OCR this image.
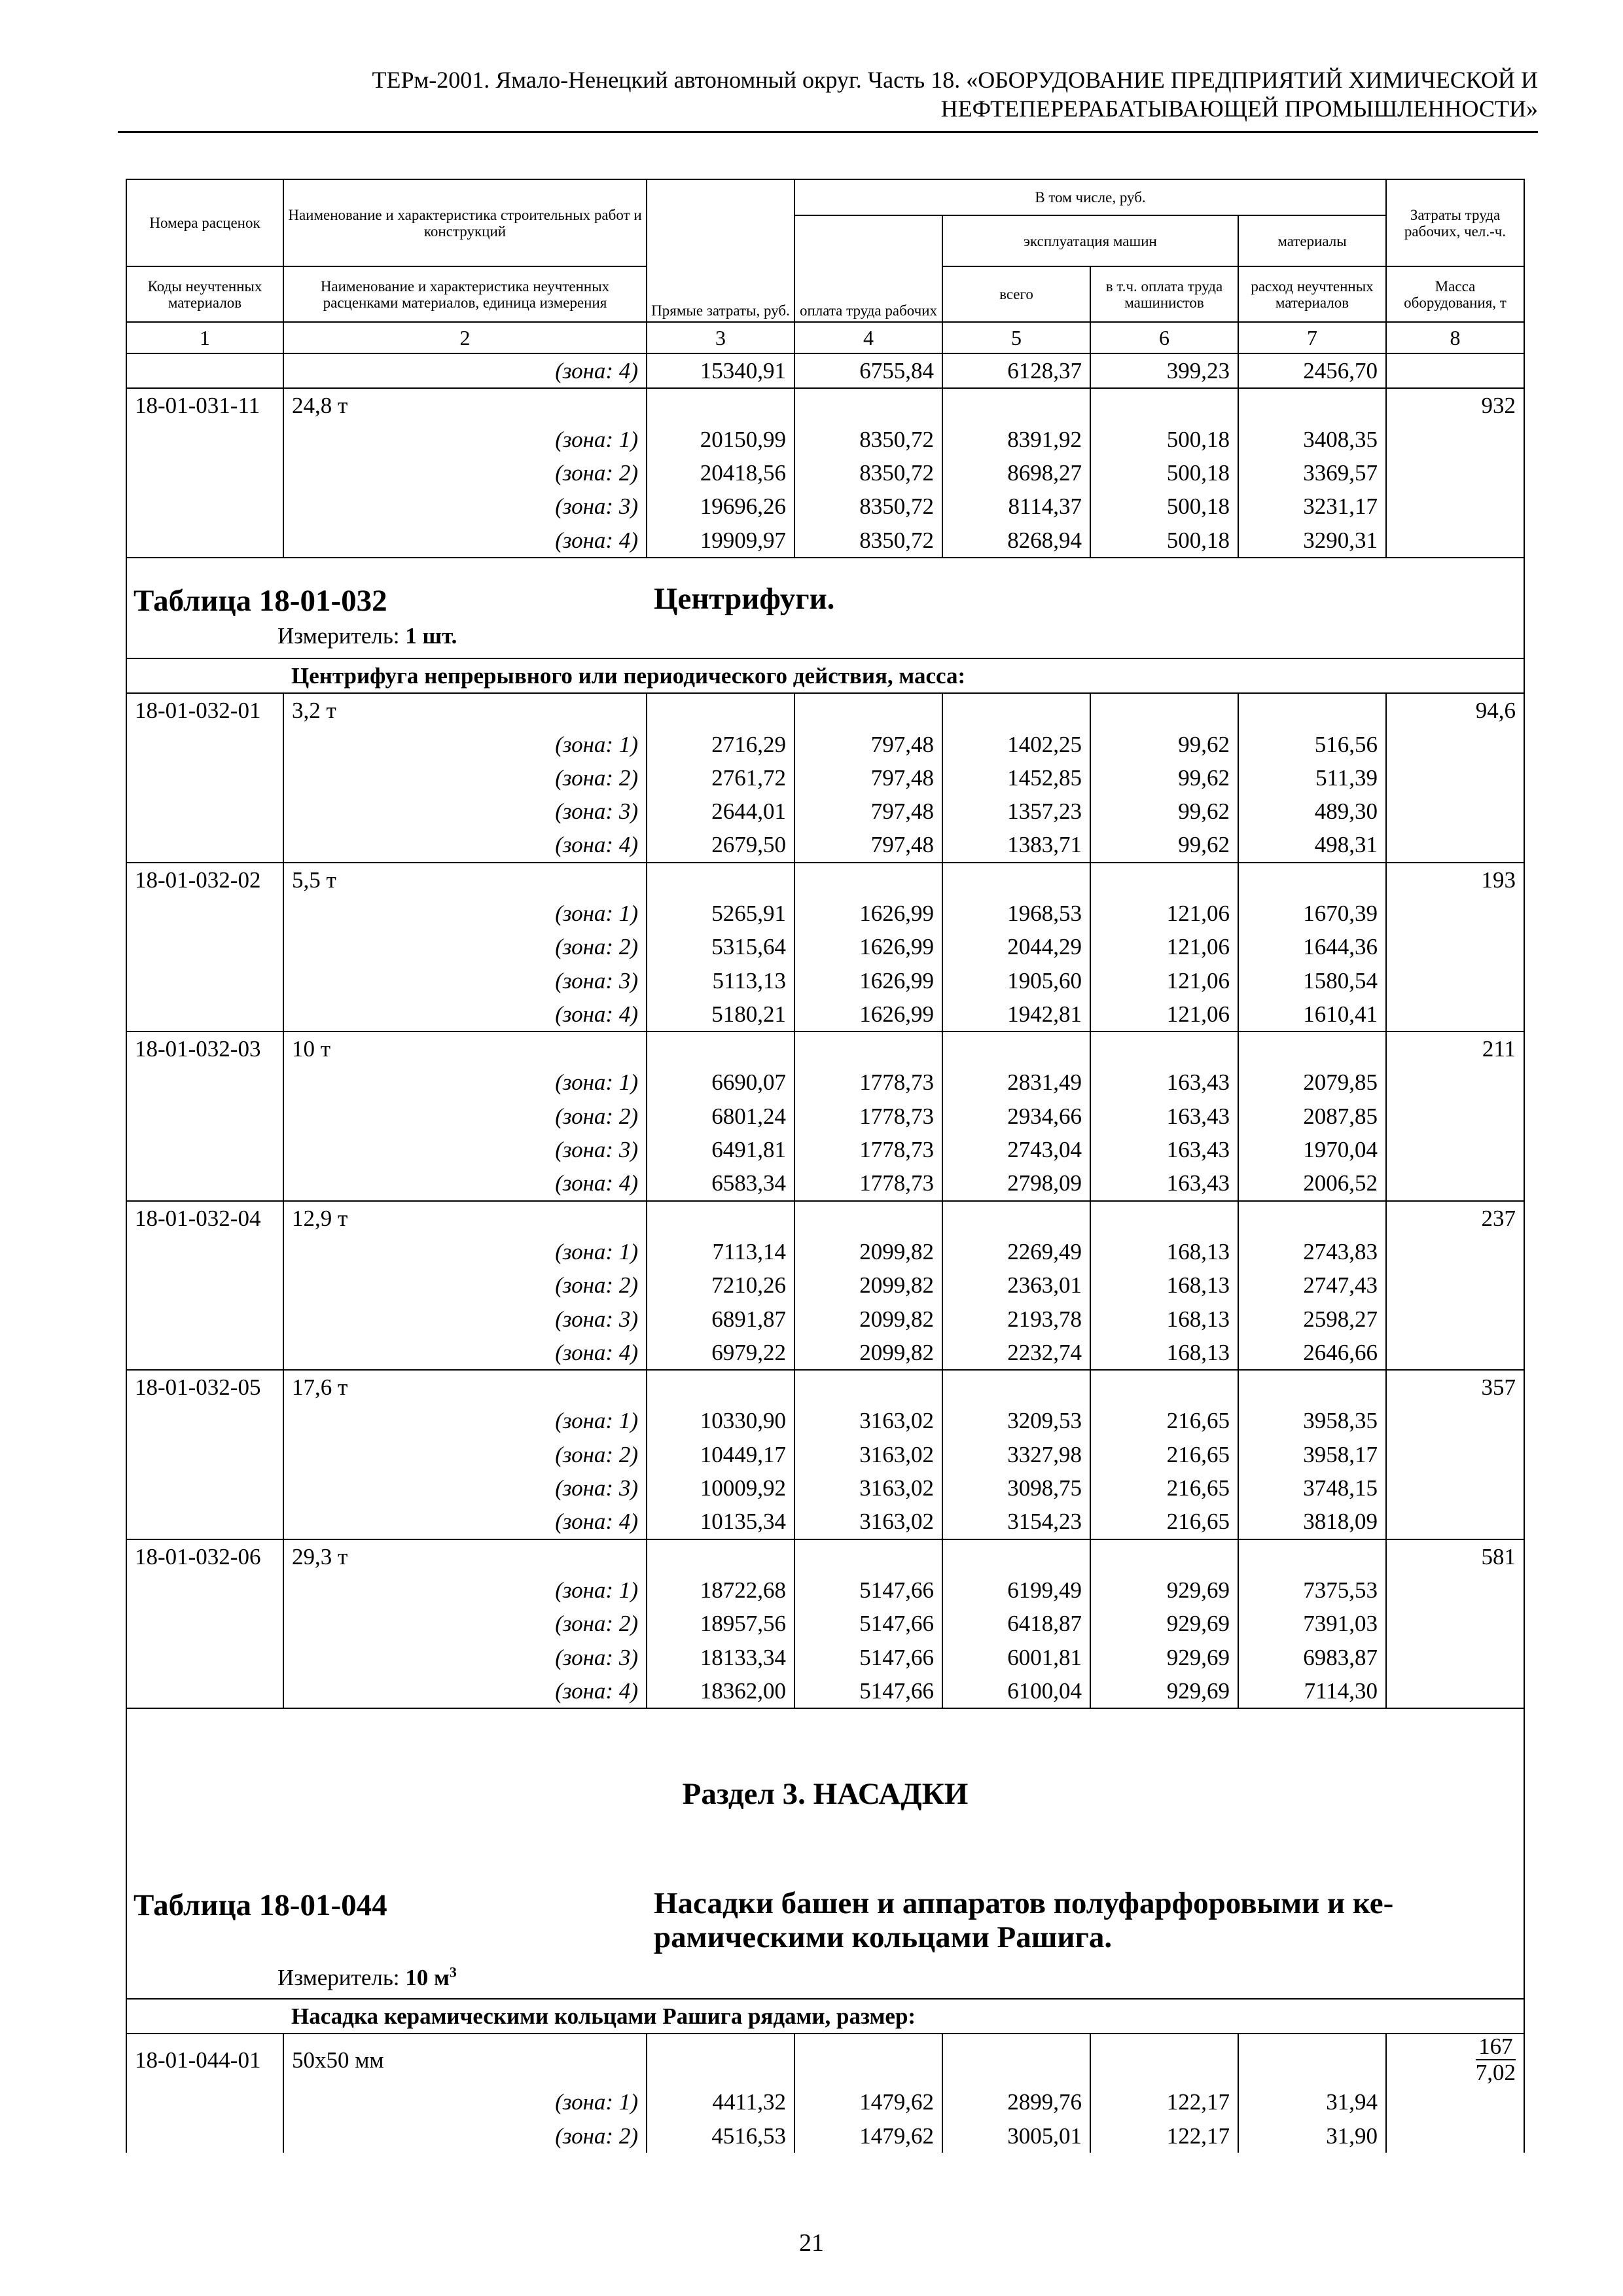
ТЕРм-2001. Ямало-Ненецкий автономный округ. Часть 18. «ОБОРУДОВАНИЕ ПРЕДПРИЯТИЙ ХИМИЧЕСКОЙ И
НЕФТЕПЕРЕРАБАТЫВАЮЩЕЙ ПРОМЫШЛЕННОСТИ»
Номера расценок	Наименование и характеристика строительных работ и конструкций	Прямые затраты, руб.	В том числе, руб.				Затраты труда рабочих, чел.-ч.
			оплата труда рабочих	эксплуатация машин		материалы	
Коды неучтенных материалов	Наименование и характеристика неучтенных расценками материалов, единица измерения			всего	в т.ч. оплата труда машинистов	расход неучтенных материалов	Масса оборудования, т
1	2	3	4	5	6	7	8
	(зона: 4)	15340,91	6755,84	6128,37	399,23	2456,70	
18-01-031-11	24,8 т						932
	(зона: 1)	20150,99	8350,72	8391,92	500,18	3408,35	
	(зона: 2)	20418,56	8350,72	8698,27	500,18	3369,57	
	(зона: 3)	19696,26	8350,72	8114,37	500,18	3231,17	
	(зона: 4)	19909,97	8350,72	8268,94	500,18	3290,31	

Таблица 18-01-032 Центрифуги.
Измеритель: 1 шт.							

	Центрифуга непрерывного или периодического действия, масса:						
18-01-032-01	3,2 т						94,6
	(зона: 1)	2716,29	797,48	1402,25	99,62	516,56	
	(зона: 2)	2761,72	797,48	1452,85	99,62	511,39	
	(зона: 3)	2644,01	797,48	1357,23	99,62	489,30	
	(зона: 4)	2679,50	797,48	1383,71	99,62	498,31	
18-01-032-02	5,5 т						193
	(зона: 1)	5265,91	1626,99	1968,53	121,06	1670,39	
	(зона: 2)	5315,64	1626,99	2044,29	121,06	1644,36	
	(зона: 3)	5113,13	1626,99	1905,60	121,06	1580,54	
	(зона: 4)	5180,21	1626,99	1942,81	121,06	1610,41	
18-01-032-03	10 т						211
	(зона: 1)	6690,07	1778,73	2831,49	163,43	2079,85	
	(зона: 2)	6801,24	1778,73	2934,66	163,43	2087,85	
	(зона: 3)	6491,81	1778,73	2743,04	163,43	1970,04	
	(зона: 4)	6583,34	1778,73	2798,09	163,43	2006,52	
18-01-032-04	12,9 т						237
	(зона: 1)	7113,14	2099,82	2269,49	168,13	2743,83	
	(зона: 2)	7210,26	2099,82	2363,01	168,13	2747,43	
	(зона: 3)	6891,87	2099,82	2193,78	168,13	2598,27	
	(зона: 4)	6979,22	2099,82	2232,74	168,13	2646,66	
18-01-032-05	17,6 т						357
	(зона: 1)	10330,90	3163,02	3209,53	216,65	3958,35	
	(зона: 2)	10449,17	3163,02	3327,98	216,65	3958,17	
	(зона: 3)	10009,92	3163,02	3098,75	216,65	3748,15	
	(зона: 4)	10135,34	3163,02	3154,23	216,65	3818,09	
18-01-032-06	29,3 т						581
	(зона: 1)	18722,68	5147,66	6199,49	929,69	7375,53	
	(зона: 2)	18957,56	5147,66	6418,87	929,69	7391,03	
	(зона: 3)	18133,34	5147,66	6001,81	929,69	6983,87	
	(зона: 4)	18362,00	5147,66	6100,04	929,69	7114,30	

Раздел 3. НАСАДКИ
Таблица 18-01-044 Насадки башен и аппаратов полуфарфоровыми и ке-рамическими кольцами Рашига.
Измеритель: 10 $м^3$

	Насадка керамическими кольцами Рашига рядами, размер:						
18-01-044-01	50х50 мм						$\frac{167}{7,02}$

	(зона: 1)	4411,32	1479,62	2899,76	122,17	31,94	
	(зона: 2)	4516,53	1479,62	3005,01	122,17	31,90	
21
